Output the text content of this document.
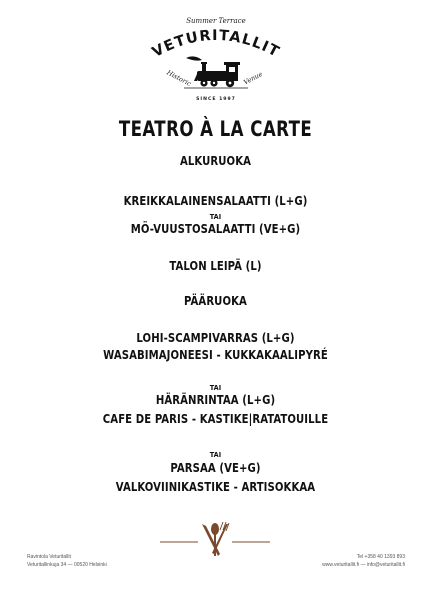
Summer Terrace
VETURITALLIT
Historic	Venue
SINCE 1997
TEATRO À LA CARTE
ALKURUOKA
KREIKKALAINENSALAATTI (L+G)
TAI
MÖ-VUUSTOSALAATTI (VE+G)
TALON LEIPÄ (L)
PÄÄRUOKA
LOHI-SCAMPIVARRAS (L+G)
WASABIMAJONEESI - KUKKAKAALIPYRÉ
TAI
HÄRÄNRINTAA (L+G)
CAFE DE PARIS - KASTIKE|RATATOUILLE
TAI
PARSAA (VE+G)
VALKOVIINIKASTIKE - ARTISOKKAA
Ravintola Veturitallit
Veturitallinkuja 34 — 00520 Helsinki
Tel +358 40 1393 893
www.veturitallit.fi — info@veturitallit.fi
